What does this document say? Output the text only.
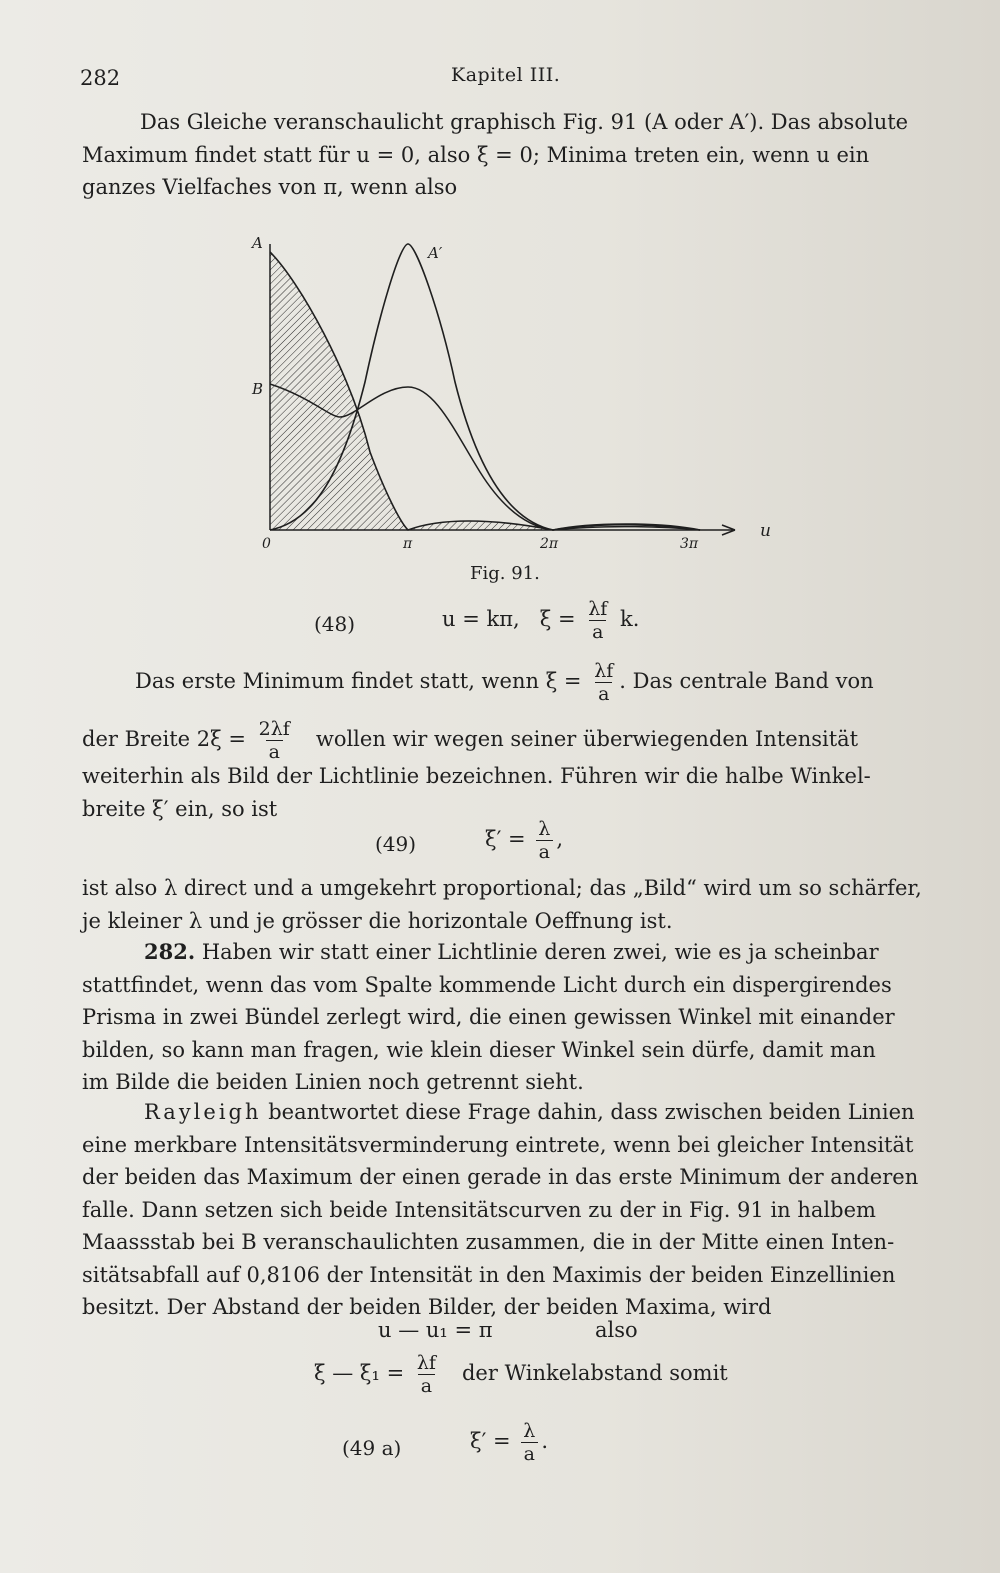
282	Kapitel III.
Das Gleiche veranschaulicht graphisch Fig. 91 (A oder A′). Das absolute
Maximum findet statt für u = 0, also ξ = 0; Minima treten ein, wenn u ein
ganzes Vielfaches von π, wenn also
A
A′
B
u
0	π	2π	3π
Fig. 91.
(48)	u = kπ, $\xi = \frac{\lambda f}{a} k$.
Das erste Minimum findet statt, wenn $\xi = \frac{\lambda f}{a}$ . Das centrale Band von
der Breite $2\xi = \frac{2\lambda f}{a}$ wollen wir wegen seiner überwiegenden Intensität
weiterhin als Bild der Lichtlinie bezeichnen. Führen wir die halbe Winkel-
breite ξ′ ein, so ist
(49)	$\xi' = \frac{\lambda}{a}$ ,
ist also λ direct und a umgekehrt proportional; das „Bild“ wird um so schärfer,
je kleiner λ und je grösser die horizontale Oeffnung ist.
282. Haben wir statt einer Lichtlinie deren zwei, wie es ja scheinbar
stattfindet, wenn das vom Spalte kommende Licht durch ein dispergirendes
Prisma in zwei Bündel zerlegt wird, die einen gewissen Winkel mit einander
bilden, so kann man fragen, wie klein dieser Winkel sein dürfe, damit man
im Bilde die beiden Linien noch getrennt sieht.
Rayleigh beantwortet diese Frage dahin, dass zwischen beiden Linien
eine merkbare Intensitätsverminderung eintrete, wenn bei gleicher Intensität
der beiden das Maximum der einen gerade in das erste Minimum der anderen
falle. Dann setzen sich beide Intensitätscurven zu der in Fig. 91 in halbem
Maassstab bei B veranschaulichten zusammen, die in der Mitte einen Inten-
sitätsabfall auf 0,8106 der Intensität in den Maximis der beiden Einzellinien
besitzt. Der Abstand der beiden Bilder, der beiden Maxima, wird
u — u₁ = π	also
ξ — $\xi_1 = \frac{\lambda f}{a}$ der Winkelabstand somit
(49 a)	$\xi' = \frac{\lambda}{a}$ .
